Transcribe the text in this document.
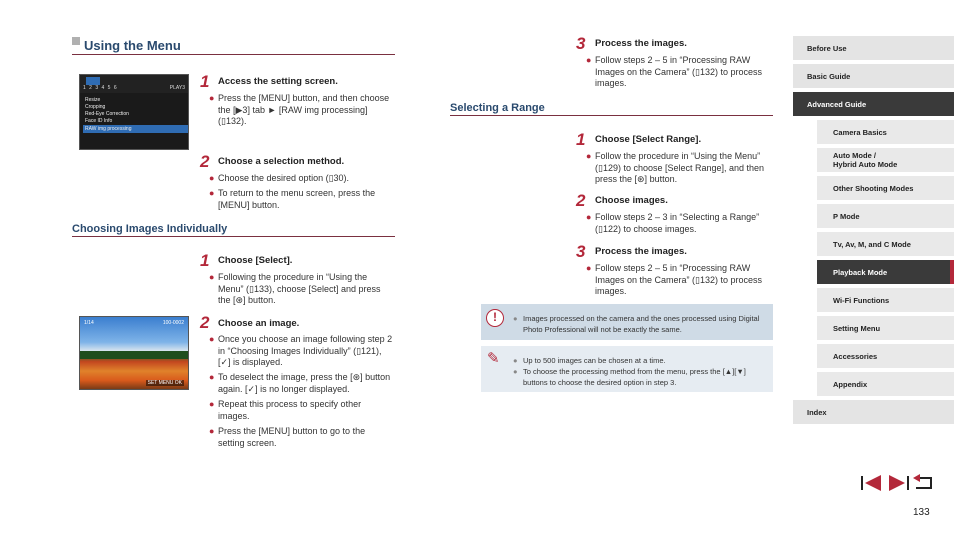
Using the Menu
1 2 3 4 5 6	PLAY3
Resize
Cropping
Red-Eye Correction
Face ID Info
RAW img processing
1 Access the setting screen.
● Press the [MENU] button, and then choose the [▶3] tab ► [RAW img processing] (▯132).
2 Choose a selection method.
● Choose the desired option (▯30).
● To return to the menu screen, press the [MENU] button.
Choosing Images Individually
1 Choose [Select].
● Following the procedure in “Using the Menu” (▯133), choose [Select] and press the [⊛] button.
1/14	100-0002
SET MENU OK
2 Choose an image.
● Once you choose an image following step 2 in “Choosing Images Individually” (▯121), [✓] is displayed.
● To deselect the image, press the [⊛] button again. [✓] is no longer displayed.
● Repeat this process to specify other images.
● Press the [MENU] button to go to the setting screen.
3 Process the images.
● Follow steps 2 – 5 in “Processing RAW Images on the Camera” (▯132) to process images.
Selecting a Range
1 Choose [Select Range].
● Follow the procedure in “Using the Menu” (▯129) to choose [Select Range], and then press the [⊛] button.
2 Choose images.
● Follow steps 2 – 3 in “Selecting a Range” (▯122) to choose images.
3 Process the images.
● Follow steps 2 – 5 in “Processing RAW Images on the Camera” (▯132) to process images.
● Images processed on the camera and the ones processed using Digital Photo Professional will not be exactly the same.
!
● Up to 500 images can be chosen at a time.
● To choose the processing method from the menu, press the [▲][▼] buttons to choose the desired option in step 3.
✎
Before Use
Basic Guide
Advanced Guide
Camera Basics
Auto Mode /
Hybrid Auto Mode
Other Shooting Modes
P Mode
Tv, Av, M, and C Mode
Playback Mode
Wi-Fi Functions
Setting Menu
Accessories
Appendix
Index
133
